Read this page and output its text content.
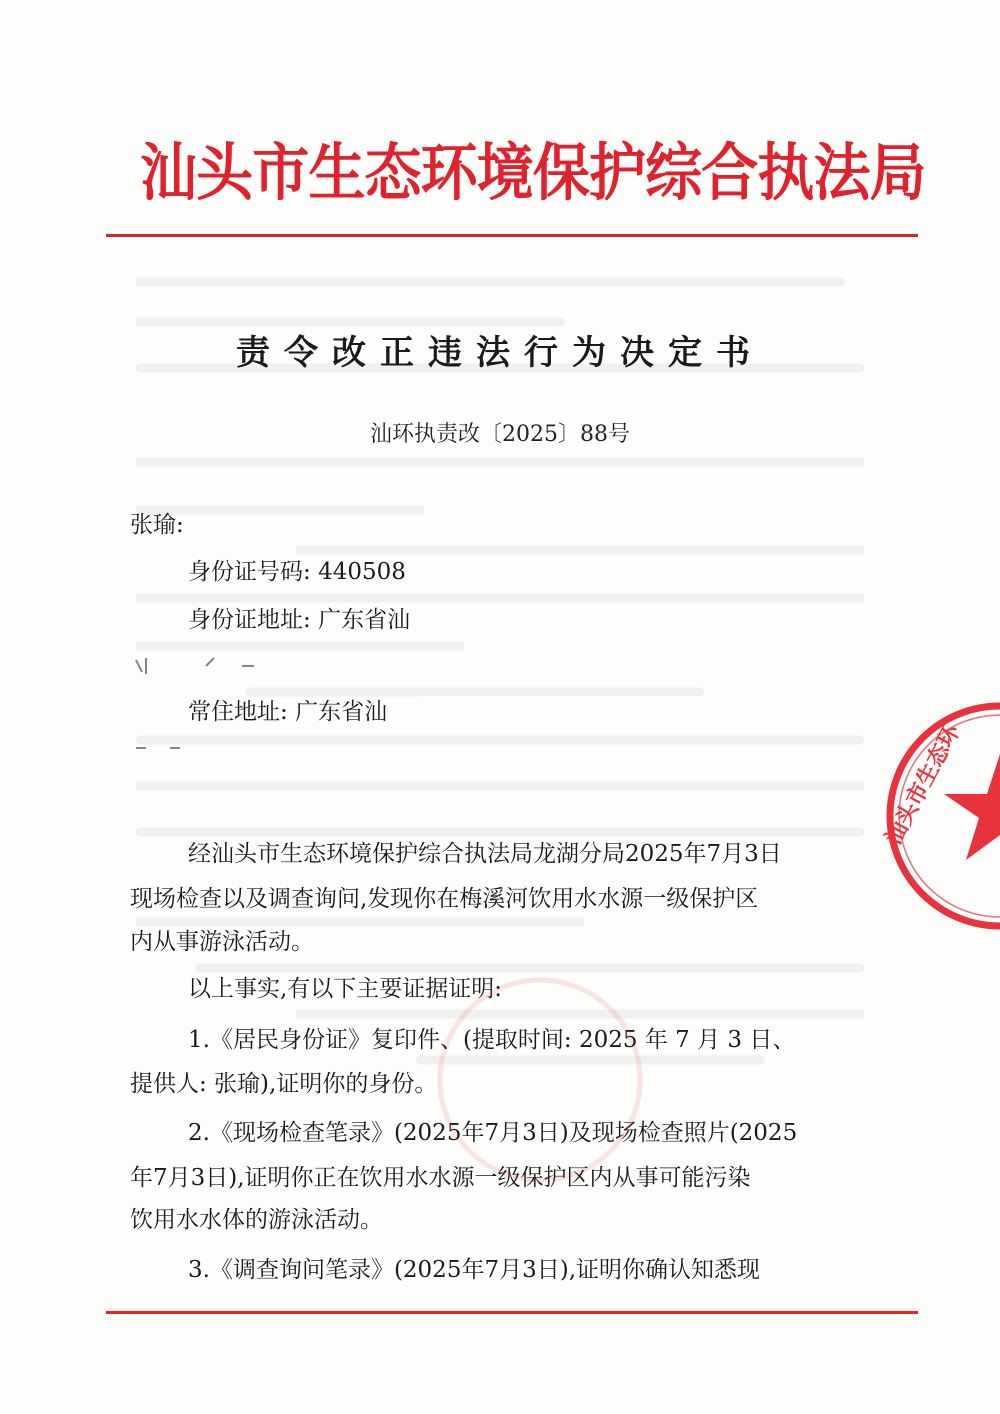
汕头市生态环境保护综合执法局
责令改正违法行为决定书
汕环执责改〔2025〕88号
张瑜:
身份证号码: 440508
身份证地址: 广东省汕
常住地址: 广东省汕
经汕头市生态环境保护综合执法局龙湖分局2025年7月3日
现场检查以及调查询问,发现你在梅溪河饮用水水源一级保护区
内从事游泳活动。
以上事实,有以下主要证据证明:
1.《居民身份证》复印件、(提取时间: 2025 年 7 月 3 日、
提供人: 张瑜),证明你的身份。
2.《现场检查笔录》(2025年7月3日)及现场检查照片(2025
年7月3日),证明你正在饮用水水源一级保护区内从事可能污染
饮用水水体的游泳活动。
3.《调查询问笔录》(2025年7月3日),证明你确认知悉现
汕头市生态环
